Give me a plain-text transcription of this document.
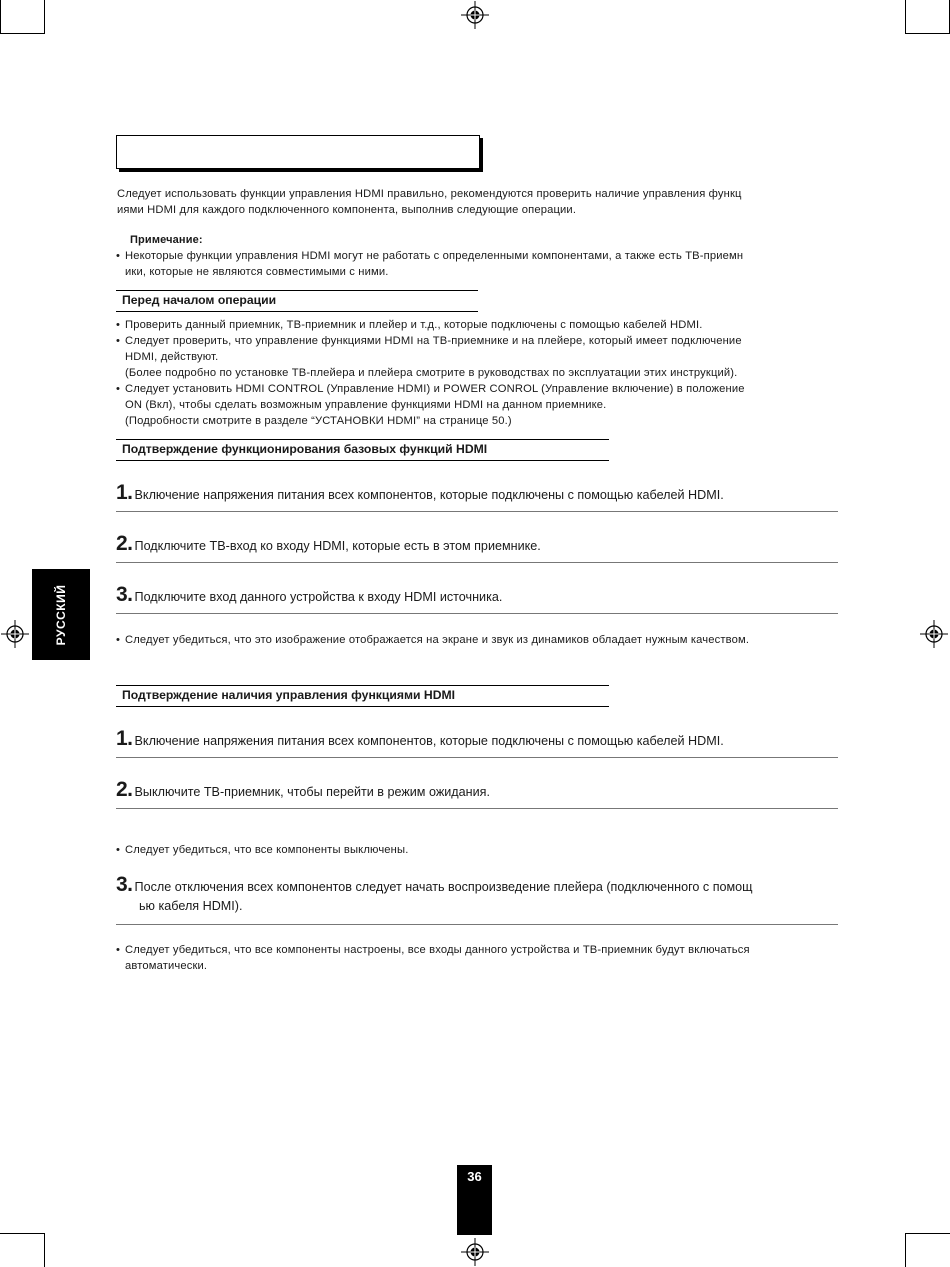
Следует использовать функции управления HDMI правильно, рекомендуются проверить наличие управления функц
иями HDMI для каждого подключенного компонента, выполнив следующие операции.
Примечание:
• Некоторые функции управления HDMI могут не работать с определенными компонентами, а также есть ТВ-приемн
ики, которые не являются совместимыми с ними.
Перед началом операции
• Проверить данный приемник, ТВ-приемник и плейер и т.д., которые подключены с помощью кабелей HDMI.
• Следует проверить, что управление функциями HDMI на ТВ-приемнике и на плейере, который имеет подключение
HDMI, действуют.
(Более подробно по установке ТВ-плейера и плейера смотрите в руководствах по эксплуатации этих инструкций).
• Следует установить HDMI CONTROL (Управление HDMI) и POWER CONROL (Управление включение) в положение
ON (Вкл), чтобы сделать возможным управление функциями HDMI на данном приемнике.
(Подробности смотрите в разделе “УСТАНОВКИ HDMI” на странице 50.)
Подтверждение функционирования базовых функций HDMI
1. Включение напряжения питания всех компонентов, которые подключены с помощью кабелей HDMI.
2. Подключите ТВ-вход ко входу HDMI, которые есть в этом приемнике.
3. Подключите вход данного устройства к входу HDMI источника.
• Следует убедиться, что это изображение отображается на экране и звук из динамиков обладает нужным качеством.
Подтверждение наличия управления функциями HDMI
1. Включение напряжения питания всех компонентов, которые подключены с помощью кабелей HDMI.
2. Выключите ТВ-приемник, чтобы перейти в режим ожидания.
• Следует убедиться, что все компоненты выключены.
3. После отключения всех компонентов следует начать воспроизведение плейера (подключенного с помощ
ью кабеля HDMI).
• Следует убедиться, что все компоненты настроены, все входы данного устройства и ТВ-приемник будут включаться
автоматически.
РУССКИЙ
36
